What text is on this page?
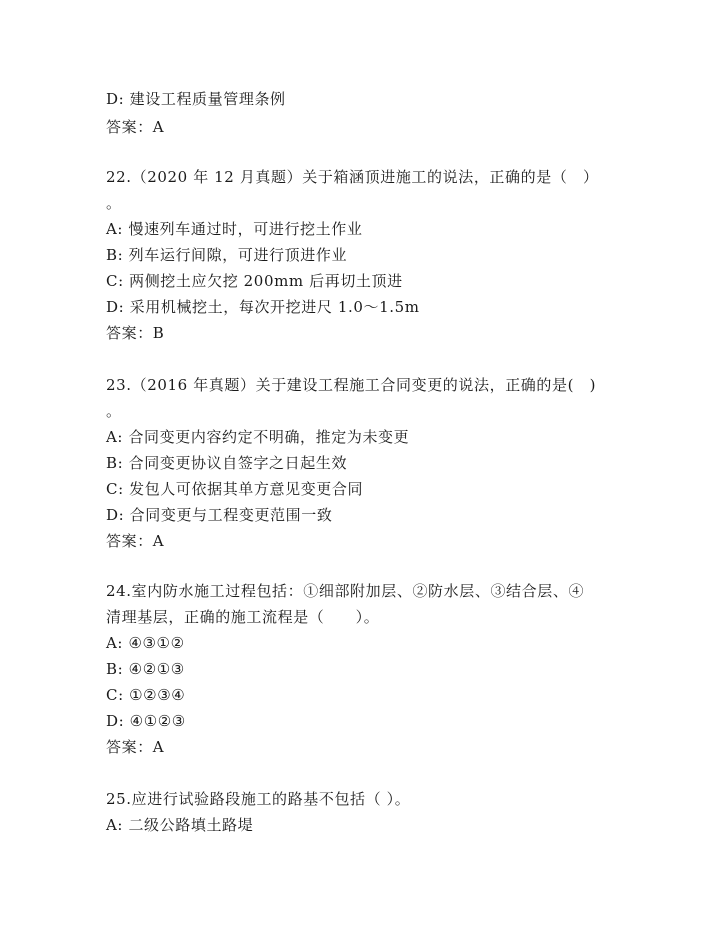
D: 建设工程质量管理条例
答案：A
22.（2020 年 12 月真题）关于箱涵顶进施工的说法，正确的是（　）
。
A: 慢速列车通过时，可进行挖土作业
B: 列车运行间隙，可进行顶进作业
C: 两侧挖土应欠挖 200mm 后再切土顶进
D: 采用机械挖土，每次开挖进尺 1.0～1.5m
答案：B
23.（2016 年真题）关于建设工程施工合同变更的说法，正确的是(　)
。
A: 合同变更内容约定不明确，推定为未变更
B: 合同变更协议自签字之日起生效
C: 发包人可依据其单方意见变更合同
D: 合同变更与工程变更范围一致
答案：A
24.室内防水施工过程包括：①细部附加层、②防水层、③结合层、④
清理基层，正确的施工流程是（　　）。
A: ④③①②
B: ④②①③
C: ①②③④
D: ④①②③
答案：A
25.应进行试验路段施工的路基不包括（ ）。
A: 二级公路填土路堤
